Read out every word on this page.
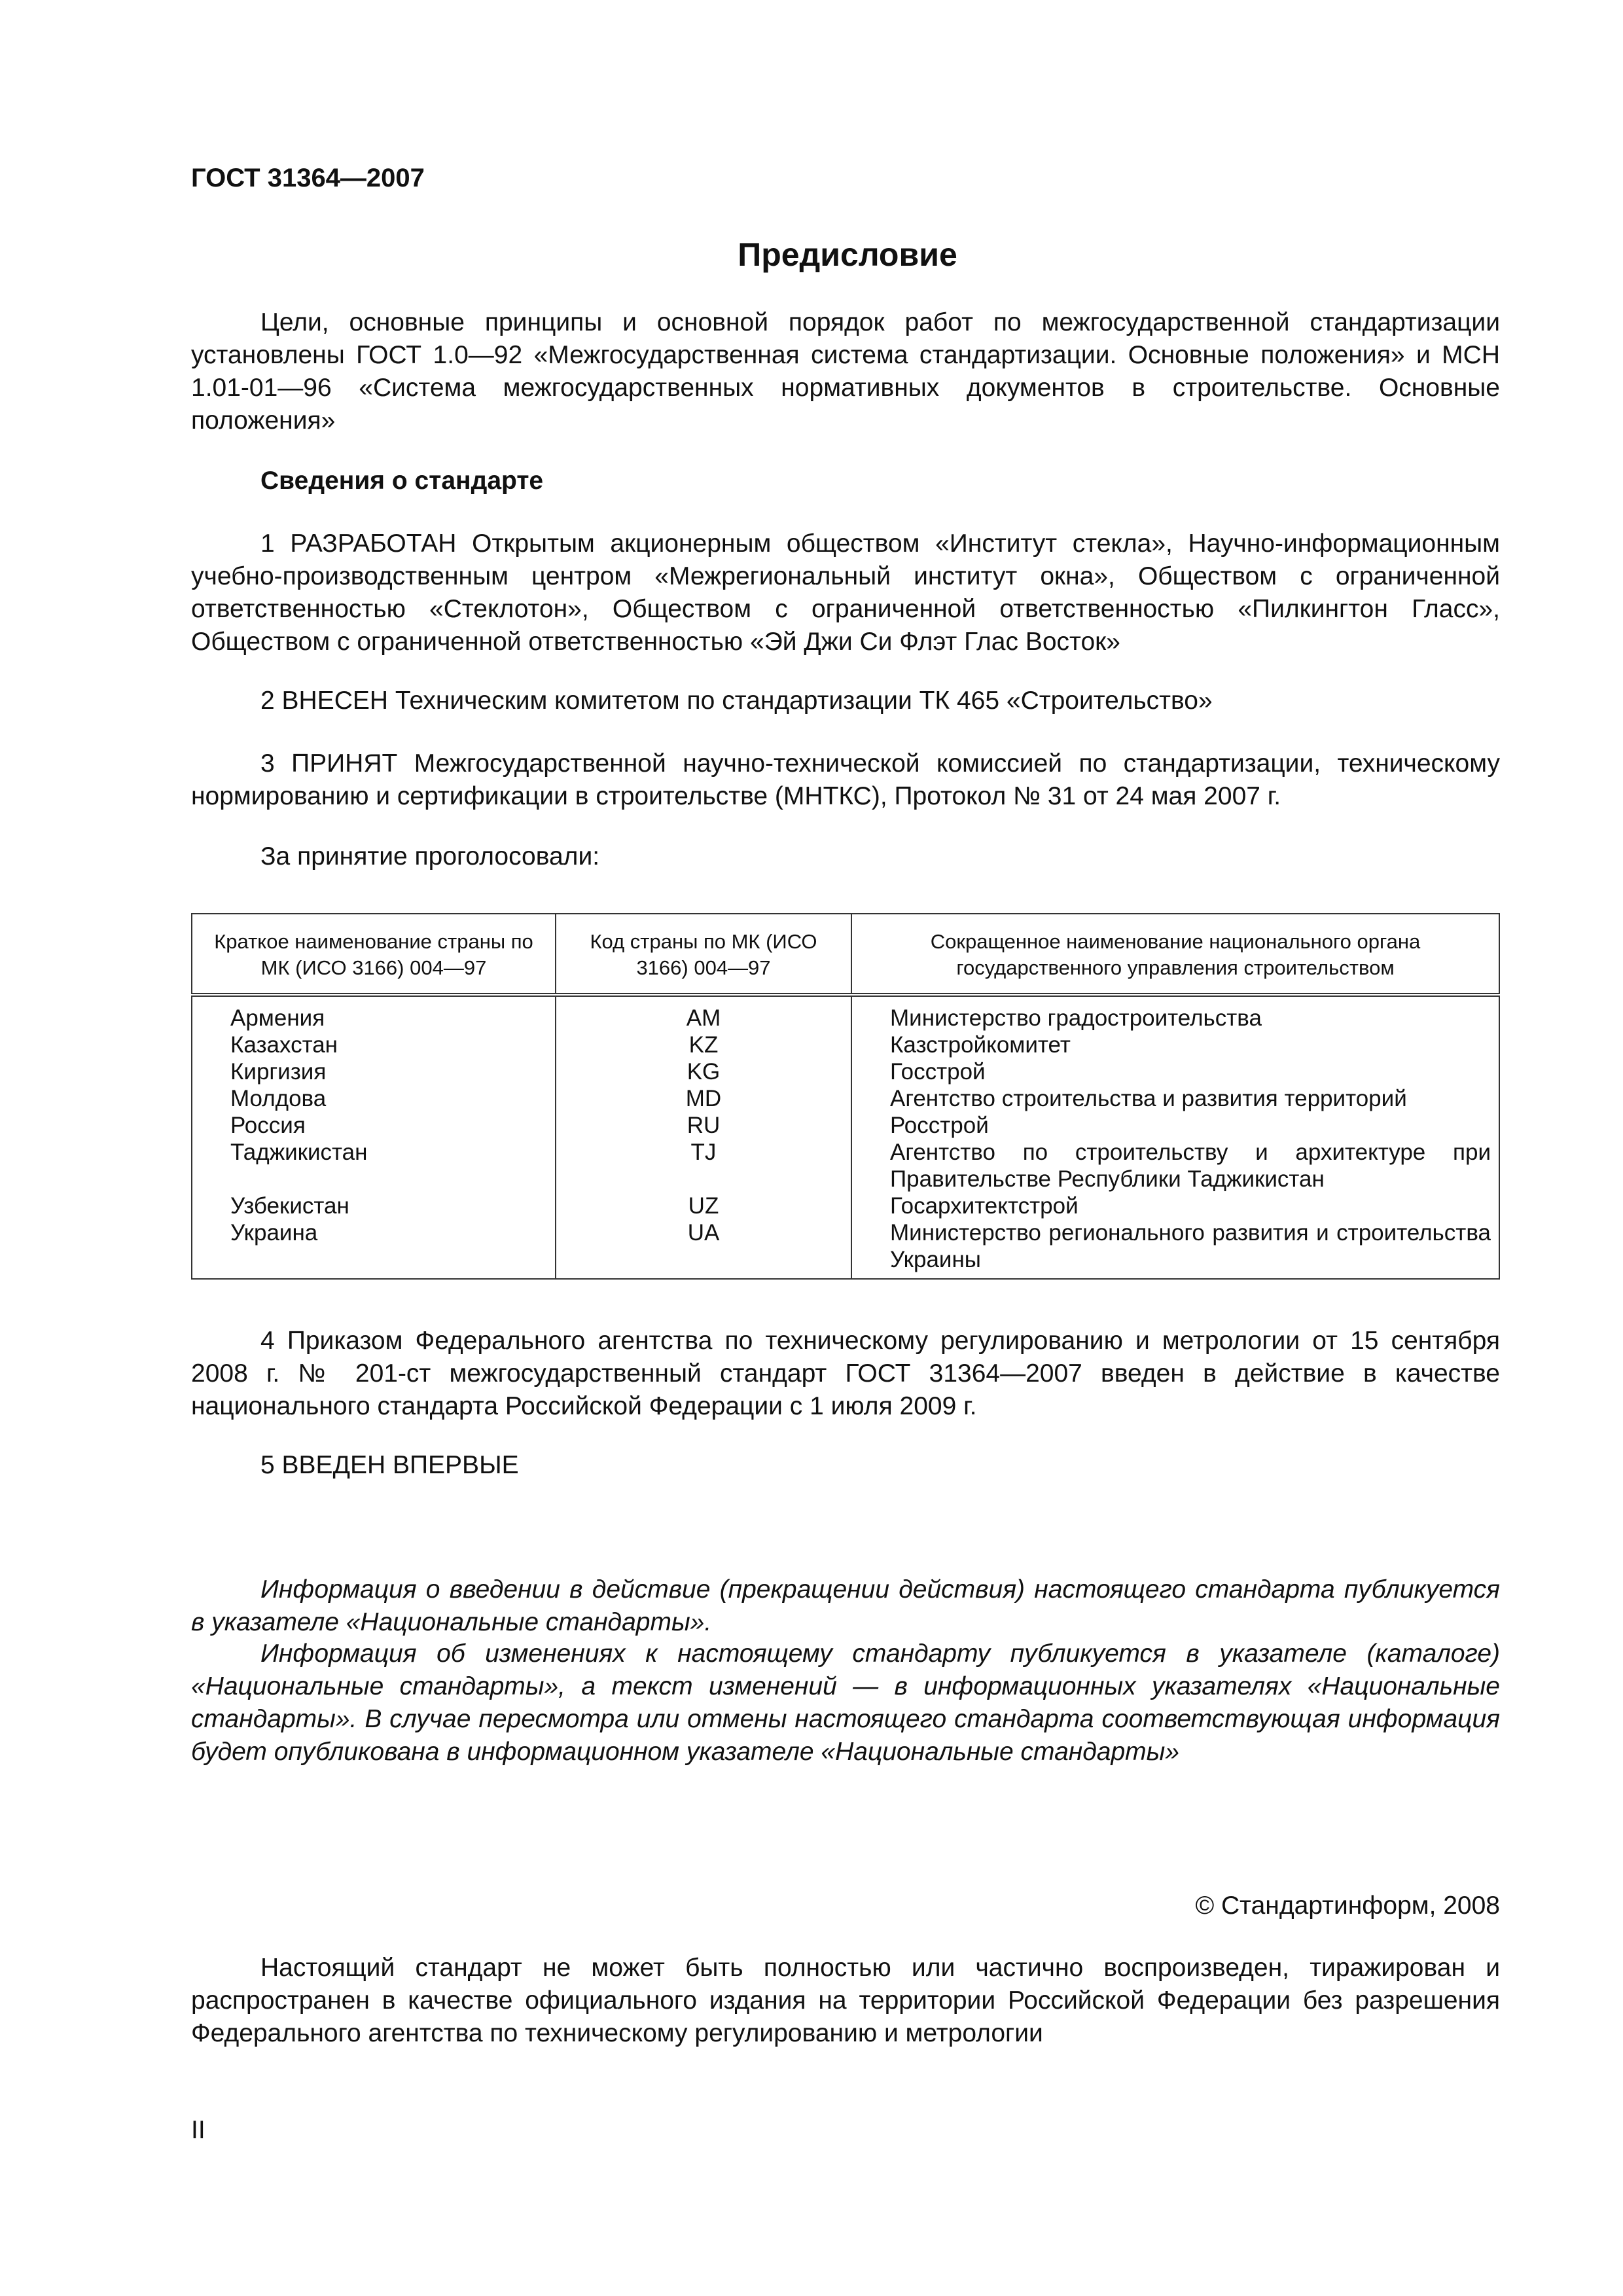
ГОСТ 31364—2007
Предисловие
Цели, основные принципы и основной порядок работ по межгосударственной стандартизации установлены ГОСТ 1.0—92 «Межгосударственная система стандартизации. Основные положения» и МСН 1.01-01—96 «Система межгосударственных нормативных документов в строительстве. Основные положения»
Сведения о стандарте
1 РАЗРАБОТАН Открытым акционерным обществом «Институт стекла», Научно-информационным учебно-производственным центром «Межрегиональный институт окна», Обществом с ограниченной ответственностью «Стеклотон», Обществом с ограниченной ответственностью «Пилкингтон Гласс», Обществом с ограниченной ответственностью «Эй Джи Си Флэт Глас Восток»
2 ВНЕСЕН Техническим комитетом по стандартизации ТК 465 «Строительство»
3 ПРИНЯТ Межгосударственной научно-технической комиссией по стандартизации, техническому нормированию и сертификации в строительстве (МНТКС), Протокол № 31 от 24 мая 2007 г.
За принятие проголосовали:
Краткое наименование страны по МК (ИСО 3166) 004—97	Код страны по МК (ИСО 3166) 004—97	Сокращенное наименование национального органа государственного управления строительством
Армения	AM	Министерство градостроительства
Казахстан	KZ	Казстройкомитет
Киргизия	KG	Госстрой
Молдова	MD	Агентство строительства и развития территорий
Россия	RU	Росстрой
Таджикистан	TJ	Агентство по строительству и архитектуре при Правительстве Республики Таджикистан
Узбекистан	UZ	Госархитектстрой
Украина	UA	Министерство регионального развития и строительства Украины
4 Приказом Федерального агентства по техническому регулированию и метрологии от 15 сентября 2008 г. № 201-ст межгосударственный стандарт ГОСТ 31364—2007 введен в действие в качестве национального стандарта Российской Федерации с 1 июля 2009 г.
5 ВВЕДЕН ВПЕРВЫЕ
Информация о введении в действие (прекращении действия) настоящего стандарта публикуется в указателе «Национальные стандарты».
Информация об изменениях к настоящему стандарту публикуется в указателе (каталоге) «Национальные стандарты», а текст изменений — в информационных указателях «Национальные стандарты». В случае пересмотра или отмены настоящего стандарта соответствующая информация будет опубликована в информационном указателе «Национальные стандарты»
© Стандартинформ, 2008
Настоящий стандарт не может быть полностью или частично воспроизведен, тиражирован и распространен в качестве официального издания на территории Российской Федерации без разрешения Федерального агентства по техническому регулированию и метрологии
II
